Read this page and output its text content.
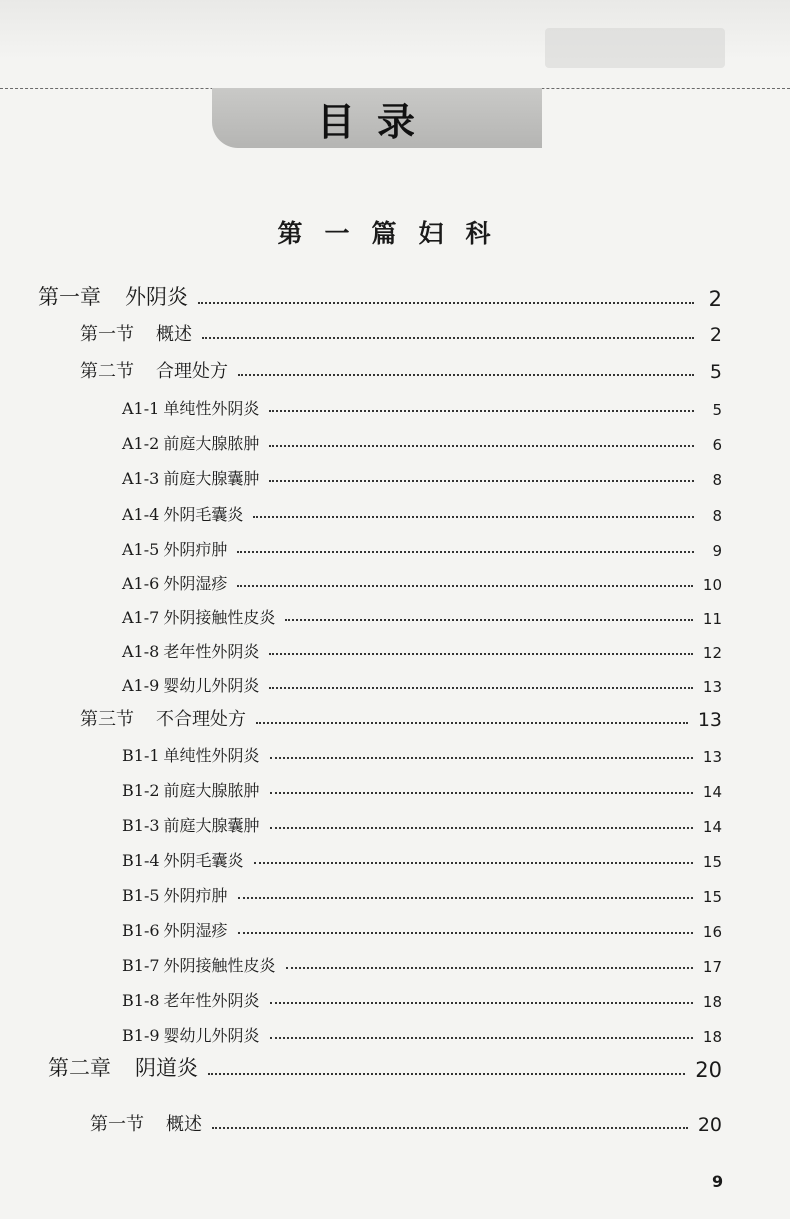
目录
第一篇妇科
第一章 外阴炎	2
第一节 概述	2
第二节 合理处方	5
A1-1 单纯性外阴炎	5
A1-2 前庭大腺脓肿	6
A1-3 前庭大腺囊肿	8
A1-4 外阴毛囊炎	8
A1-5 外阴疖肿	9
A1-6 外阴湿疹	10
A1-7 外阴接触性皮炎	11
A1-8 老年性外阴炎	12
A1-9 婴幼儿外阴炎	13
第三节 不合理处方	13
B1-1 单纯性外阴炎	13
B1-2 前庭大腺脓肿	14
B1-3 前庭大腺囊肿	14
B1-4 外阴毛囊炎	15
B1-5 外阴疖肿	15
B1-6 外阴湿疹	16
B1-7 外阴接触性皮炎	17
B1-8 老年性外阴炎	18
B1-9 婴幼儿外阴炎	18
第二章 阴道炎	20
第一节 概述	20
9
